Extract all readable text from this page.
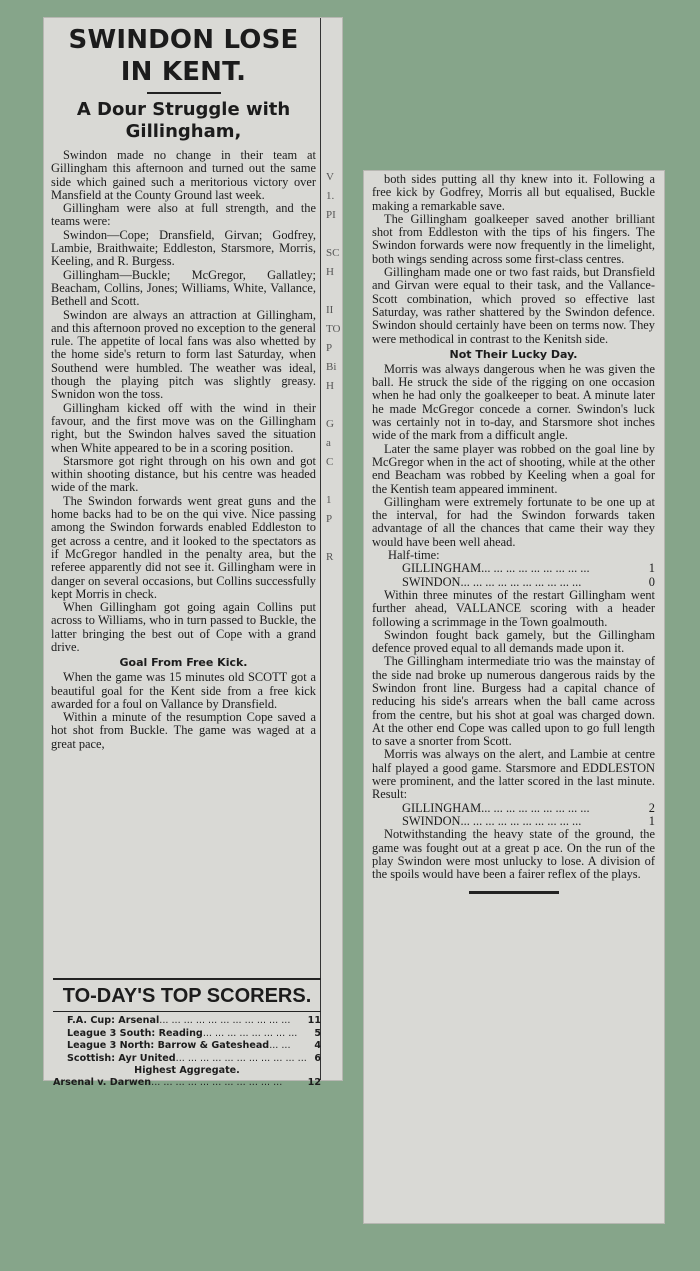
SWINDON LOSE IN KENT.
A Dour Struggle with Gillingham,

Swindon made no change in their team at Gillingham this afternoon and turned out the same side which gained such a meritorious victory over Mansfield at the County Ground last week.

Gillingham were also at full strength, and the teams were:

Swindon—Cope; Dransfield, Girvan; Godfrey, Lambie, Braithwaite; Eddleston, Starsmore, Morris, Keeling, and R. Burgess.

Gillingham—Buckle; McGregor, Gallatley; Beacham, Collins, Jones; Williams, White, Vallance, Bethell and Scott.

Swindon are always an attraction at Gillingham, and this afternoon proved no exception to the general rule. The appetite of local fans was also whetted by the home side's return to form last Saturday, when Southend were humbled. The weather was ideal, though the playing pitch was slightly greasy. Swnidon won the toss.

Gillingham kicked off with the wind in their favour, and the first move was on the Gillingham right, but the Swindon halves saved the situation when White appeared to be in a scoring position.

Starsmore got right through on his own and got within shooting distance, but his centre was headed wide of the mark.

The Swindon forwards went great guns and the home backs had to be on the qui vive. Nice passing among the Swindon forwards enabled Eddleston to get across a centre, and it looked to the spectators as if McGregor handled in the penalty area, but the referee apparently did not see it. Gillingham were in danger on several occasions, but Collins successfully kept Morris in check.

When Gillingham got going again Collins put across to Williams, who in turn passed to Buckle, the latter bringing the best out of Cope with a grand drive.

Goal From Free Kick.

When the game was 15 minutes old SCOTT got a beautiful goal for the Kent side from a free kick awarded for a foul on Vallance by Dransfield.

Within a minute of the resumption Cope saved a hot shot from Buckle. The game was waged at a great pace,

V
1.
PI

SC
H

II
TO
P
Bi
H

G
a
C

1
P

R
TO-DAY'S TOP SCORERS.
F.A. Cup: Arsenal ... ... ... ... ... ... ... ... ... ... ...	11
League 3 South: Reading ... ... ... ... ... ... ... ...	5
League 3 North: Barrow & Gateshead ... ...	4
Scottish: Ayr United ... ... ... ... ... ... ... ... ... ... ... 6
Highest Aggregate.
Arsenal v. Darwen ... ... ... ... ... ... ... ... ... ... ...	12

both sides putting all thy knew into it. Following a free kick by Godfrey, Morris all but equalised, Buckle making a remarkable save.

The Gillingham goalkeeper saved another brilliant shot from Eddleston with the tips of his fingers. The Swindon forwards were now frequently in the limelight, both wings sending across some first-class centres.

Gillingham made one or two fast raids, but Dransfield and Girvan were equal to their task, and the Vallance-Scott combination, which proved so effective last Saturday, was rather shattered by the Swindon defence. Swindon should certainly have been on terms now. They were methodical in contrast to the Kenitsh side.

Not Their Lucky Day.

Morris was always dangerous when he was given the ball. He struck the side of the rigging on one occasion when he had only the goalkeeper to beat. A minute later he made McGregor concede a corner. Swindon's luck was certainly not in to-day, and Starsmore shot inches wide of the mark from a difficult angle.

Later the same player was robbed on the goal line by McGregor when in the act of shooting, while at the other end Beacham was robbed by Keeling when a goal for the Kentish team appeared imminent.

Gillingham were extremely fortunate to be one up at the interval, for had the Swindon forwards taken advantage of all the chances that came their way they would have been well ahead.

Half-time:
GILLINGHAM ... ... ... ... ... ... ... ... ...	1
SWINDON ... ... ... ... ... ... ... ... ... ...	0

Within three minutes of the restart Gillingham went further ahead, VALLANCE scoring with a header following a scrimmage in the Town goalmouth.

Swindon fought back gamely, but the Gillingham defence proved equal to all demands made upon it.

The Gillingham intermediate trio was the mainstay of the side nad broke up numerous dangerous raids by the Swindon front line. Burgess had a capital chance of reducing his side's arrears when the ball came across from the centre, but his shot at goal was charged down. At the other end Cope was called upon to go full length to save a snorter from Scott.

Morris was always on the alert, and Lambie at centre half played a good game. Starsmore and EDDLESTON were prominent, and the latter scored in the last minute. Result:

GILLINGHAM ... ... ... ... ... ... ... ... ...	2
SWINDON ... ... ... ... ... ... ... ... ... ...	1

Notwithstanding the heavy state of the ground, the game was fought out at a great p ace. On the run of the play Swindon were most unlucky to lose. A division of the spoils would have been a fairer reflex of the plays.
